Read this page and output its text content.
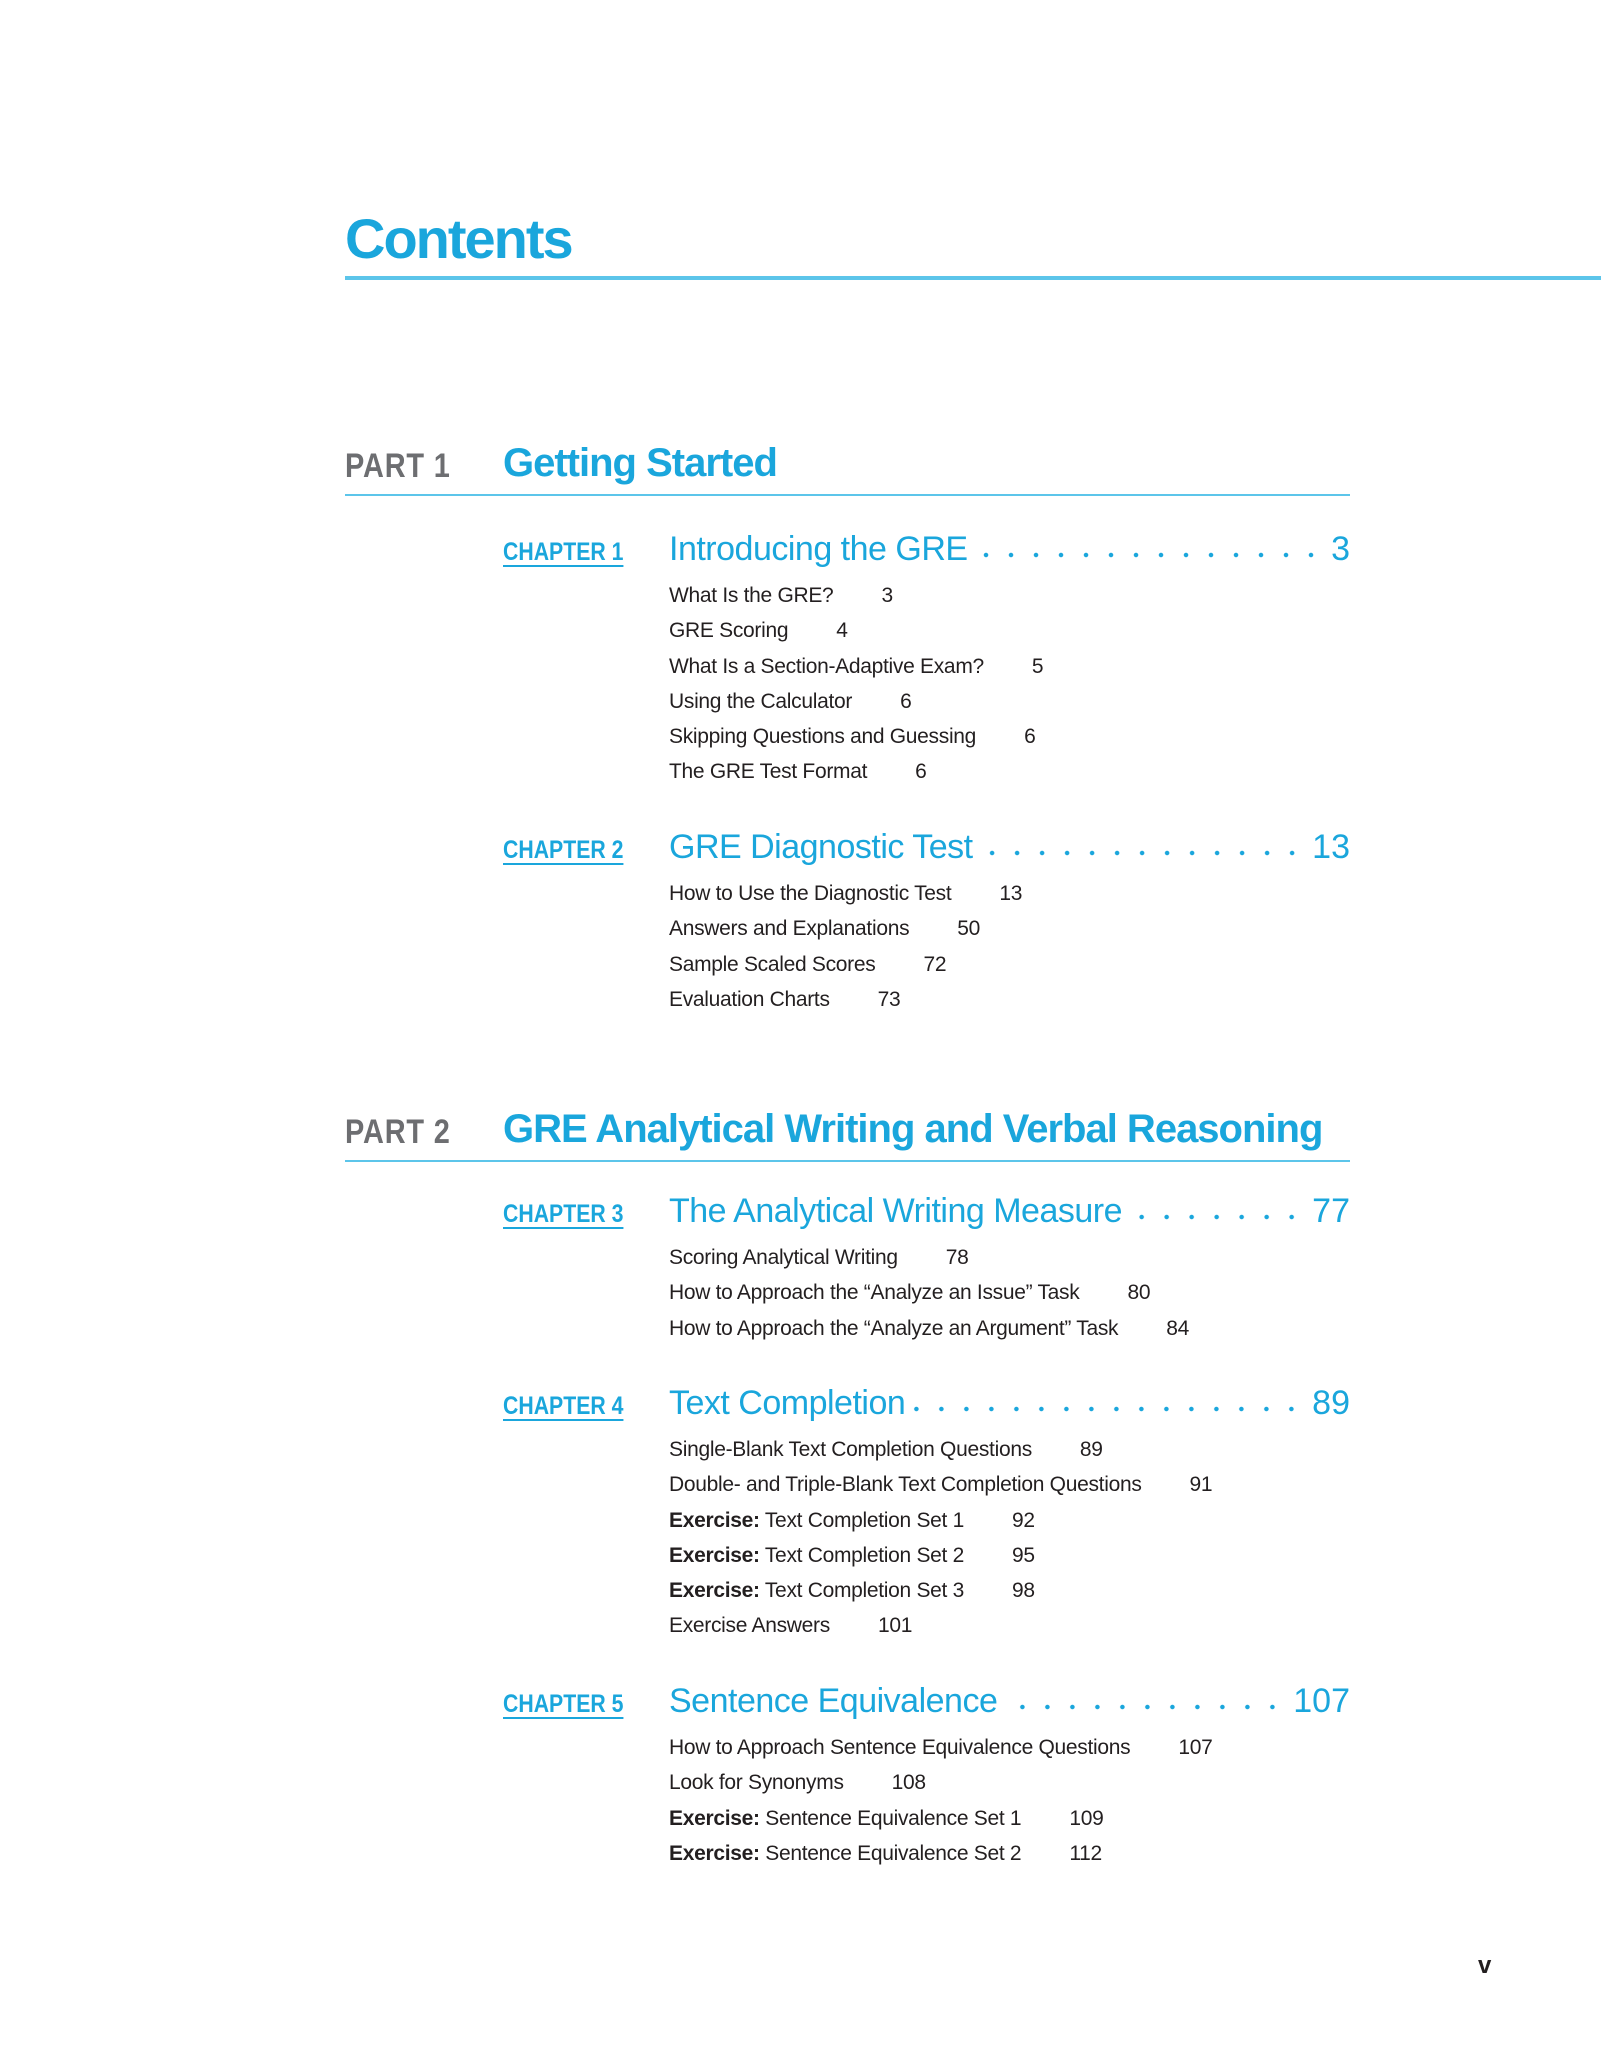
Contents
PART 1 Getting Started
CHAPTER 1	Introducing the GRE	3
What Is the GRE? 3
GRE Scoring 4
What Is a Section-Adaptive Exam? 5
Using the Calculator 6
Skipping Questions and Guessing 6
The GRE Test Format 6
CHAPTER 2	GRE Diagnostic Test	13
How to Use the Diagnostic Test 13
Answers and Explanations 50
Sample Scaled Scores 72
Evaluation Charts 73
PART 2 GRE Analytical Writing and Verbal Reasoning
CHAPTER 3	The Analytical Writing Measure	77
Scoring Analytical Writing 78
How to Approach the “Analyze an Issue” Task 80
How to Approach the “Analyze an Argument” Task 84
CHAPTER 4	Text Completion	89
Single-Blank Text Completion Questions 89
Double- and Triple-Blank Text Completion Questions 91
Exercise: Text Completion Set 1 92
Exercise: Text Completion Set 2 95
Exercise: Text Completion Set 3 98
Exercise Answers 101
CHAPTER 5	Sentence Equivalence	107
How to Approach Sentence Equivalence Questions 107
Look for Synonyms 108
Exercise: Sentence Equivalence Set 1 109
Exercise: Sentence Equivalence Set 2 112
v
